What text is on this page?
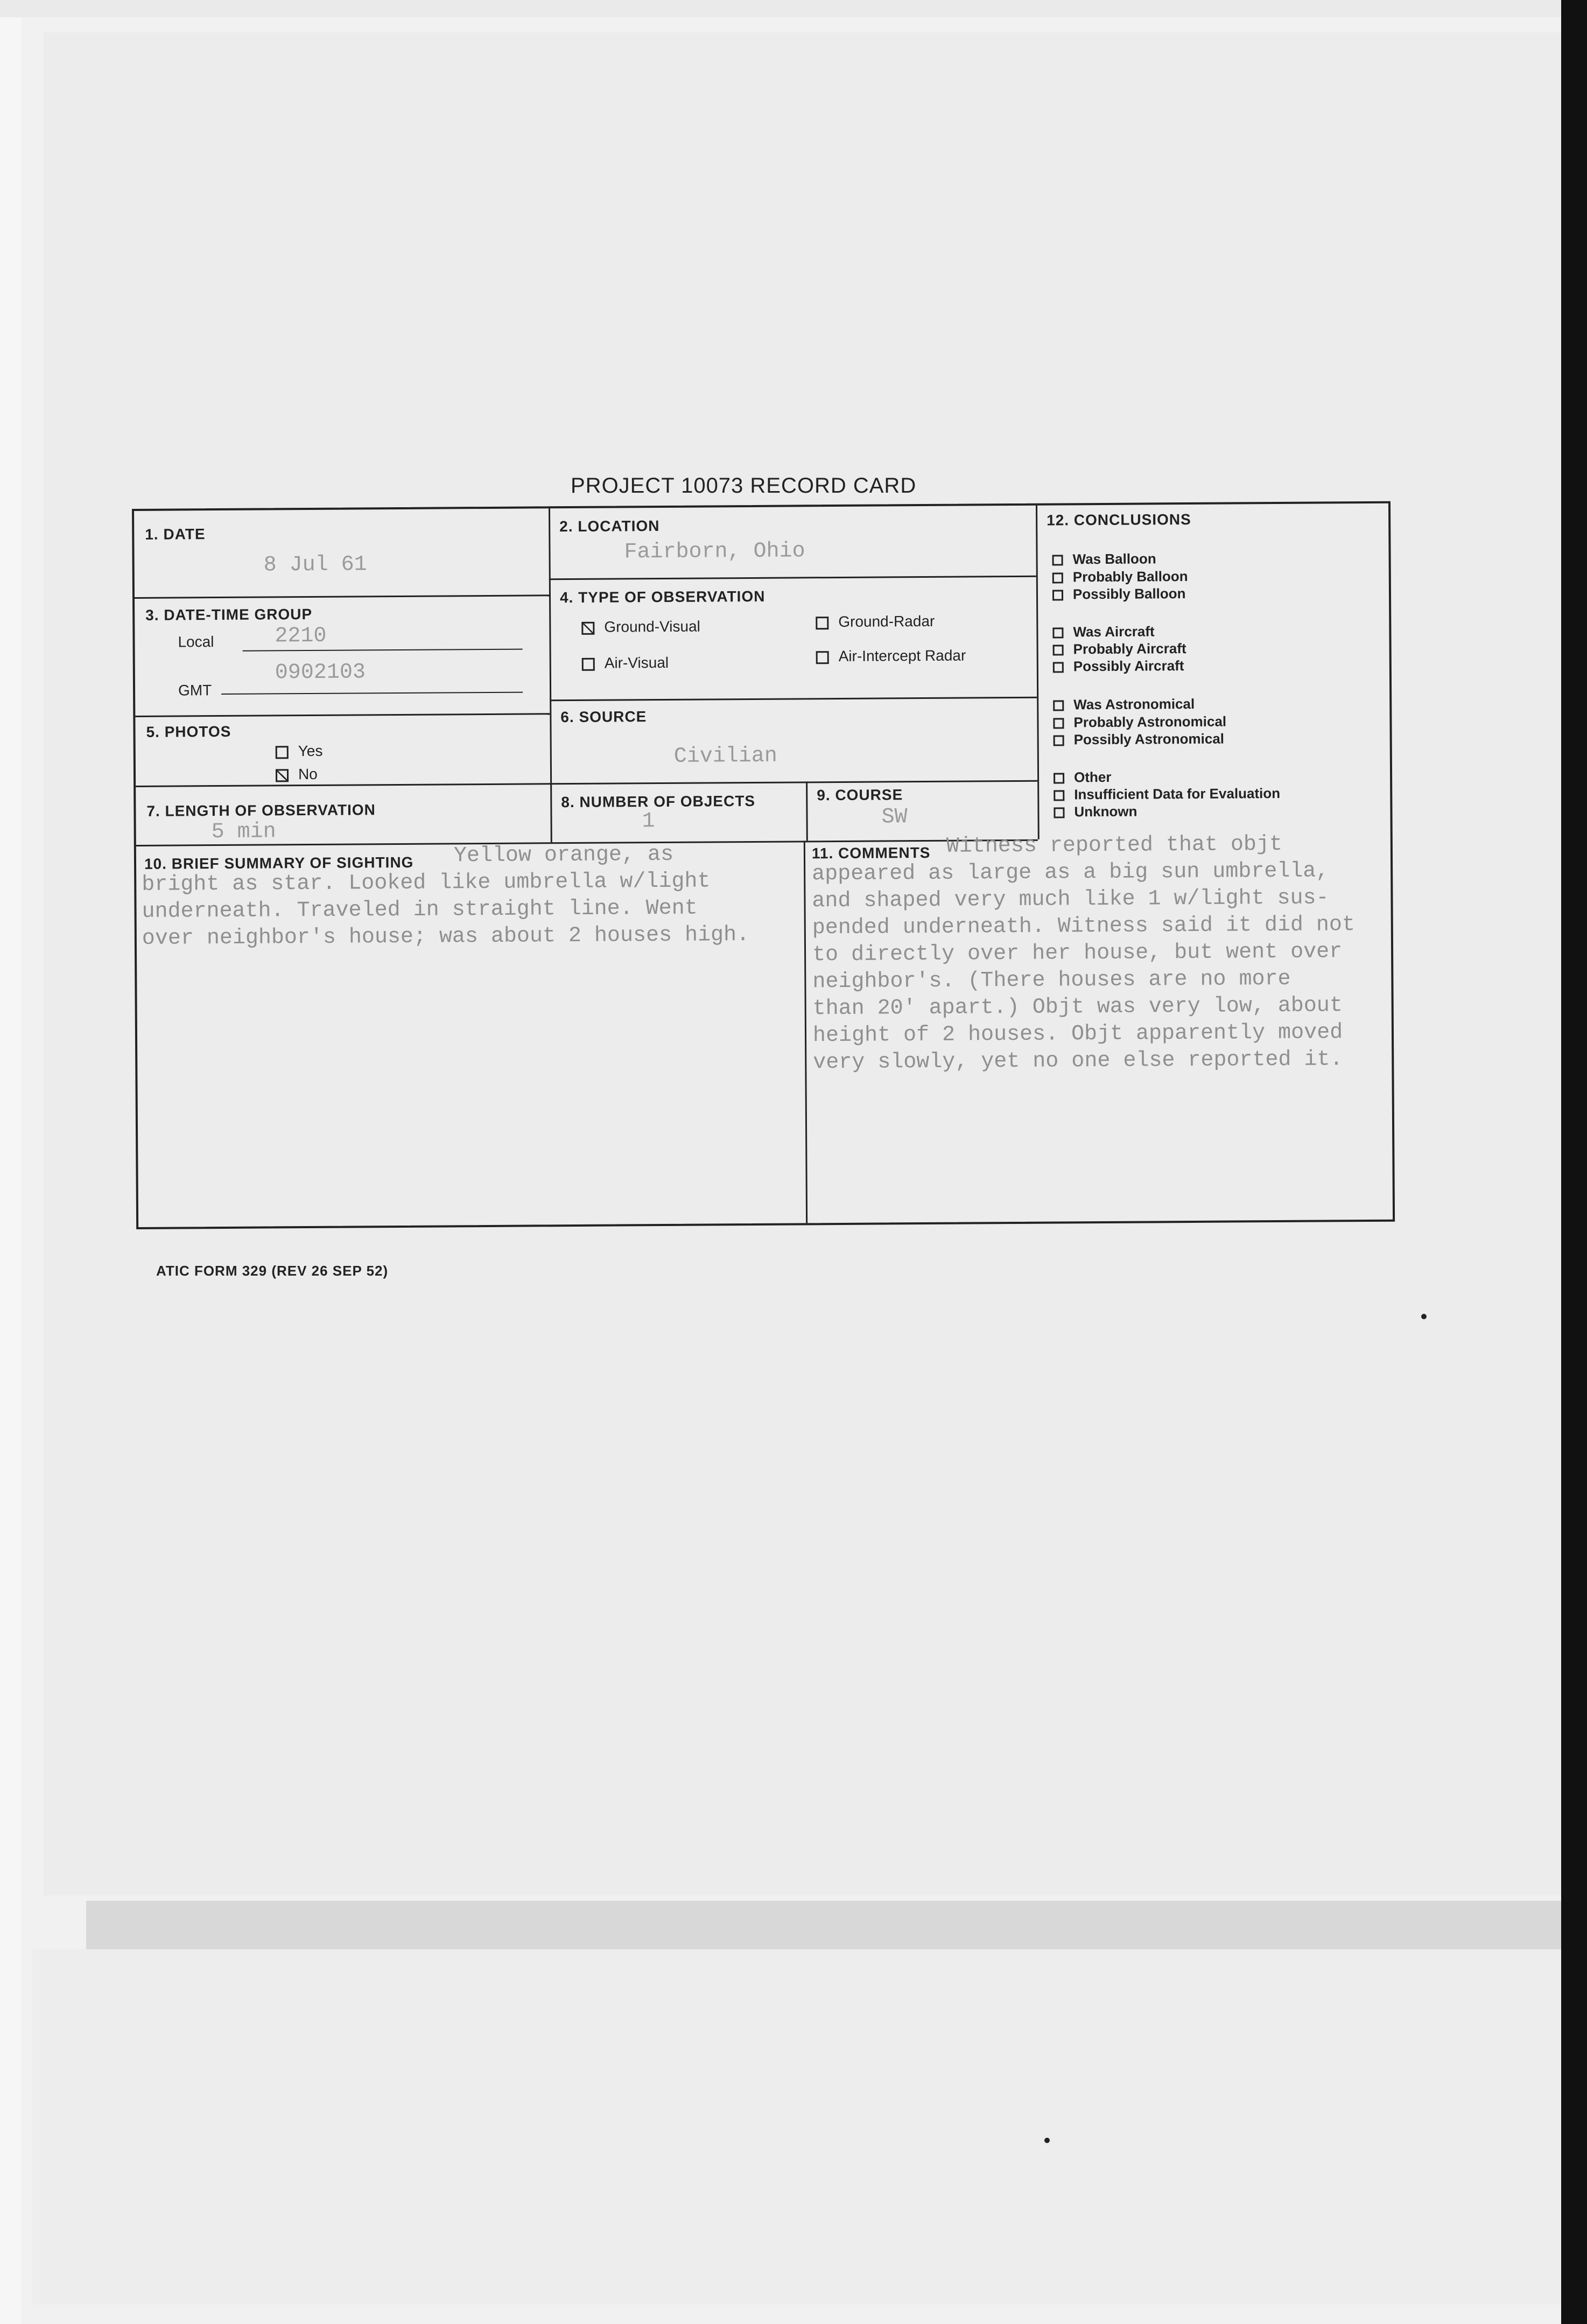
PROJECT 10073 RECORD CARD
1. DATE
8 Jul 61
2. LOCATION
Fairborn, Ohio
3. DATE-TIME GROUP
Local	2210
GMT
0902103
4. TYPE OF OBSERVATION
Ground-Visual	Ground-Radar
Air-Visual	Air-Intercept Radar
5. PHOTOS
Yes
No
6. SOURCE
Civilian
7. LENGTH OF OBSERVATION
5 min
8. NUMBER OF OBJECTS
1
9. COURSE
SW
10. BRIEF SUMMARY OF SIGHTING	Yellow orange, as
bright as star. Looked like umbrella w/light
underneath. Traveled in straight line. Went
over neighbor's house; was about 2 houses high.
11. COMMENTS Witness reported that objt
appeared as large as a big sun umbrella,
and shaped very much like 1 w/light sus-
pended underneath. Witness said it did not
to directly over her house, but went over
neighbor's. (There houses are no more
than 20' apart.) Objt was very low, about
height of 2 houses. Objt apparently moved
very slowly, yet no one else reported it.
12. CONCLUSIONS
Was Balloon
Probably Balloon
Possibly Balloon
Was Aircraft
Probably Aircraft
Possibly Aircraft
Was Astronomical
Probably Astronomical
Possibly Astronomical
Other
Insufficient Data for Evaluation
Unknown
ATIC FORM 329 (REV 26 SEP 52)
